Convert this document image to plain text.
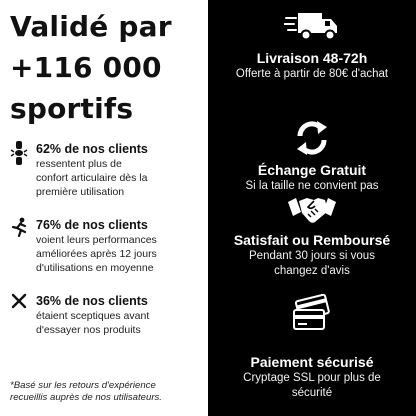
Validé par
+116 000
sportifs
62% de nos clients
ressentent plus de
confort articulaire dès la
première utilisation
76% de nos clients
voient leurs performances
améliorées après 12 jours
d'utilisations en moyenne
36% de nos clients
étaient sceptiques avant
d'essayer nos produits
*Basé sur les retours d'expérience
recueillis auprès de nos utilisateurs.
Livraison 48-72h
Offerte à partir de 80€ d'achat
Échange Gratuit
Si la taille ne convient pas
Satisfait ou Remboursé
Pendant 30 jours si vous
changez d'avis
Paiement sécurisé
Cryptage SSL pour plus de
sécurité
